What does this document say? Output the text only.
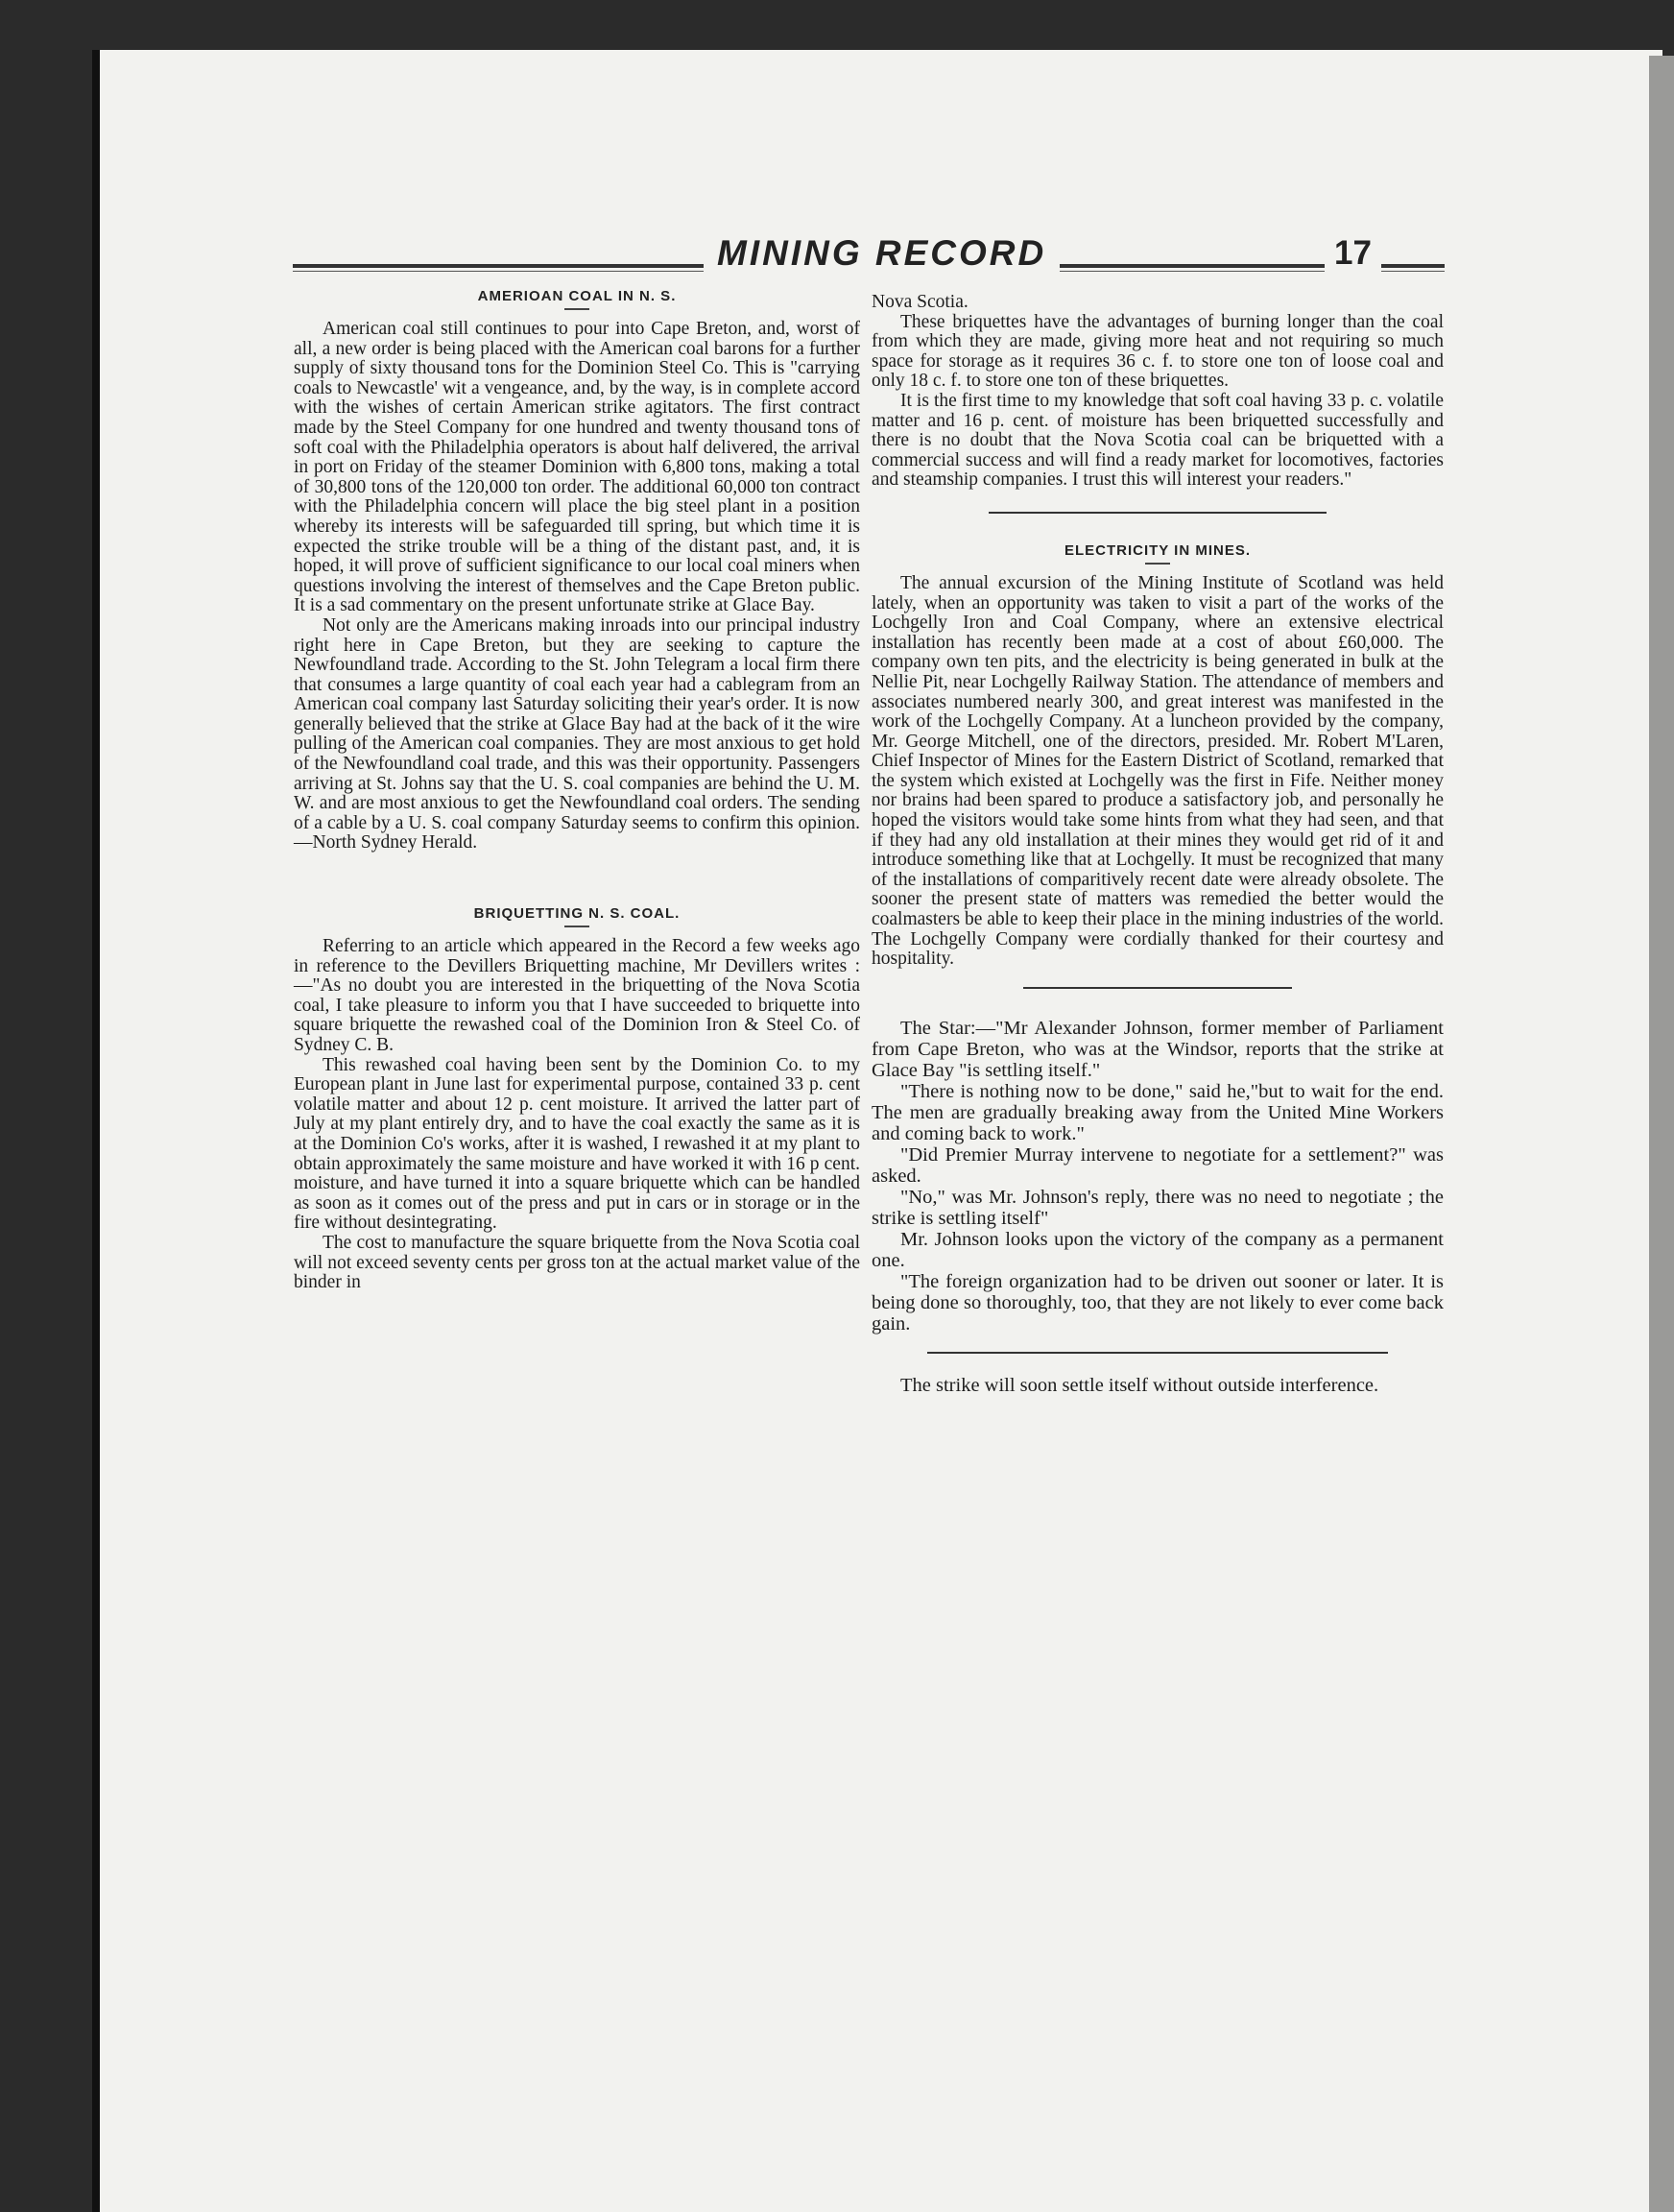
MINING RECORD	17
AMERIOAN COAL IN N. S.

American coal still continues to pour into Cape Breton, and, worst of all, a new order is being placed with the American coal barons for a further supply of sixty thousand tons for the Dominion Steel Co. This is "carrying coals to Newcastle' wit a vengeance, and, by the way, is in complete accord with the wishes of certain American strike agitators. The first contract made by the Steel Company for one hundred and twenty thousand tons of soft coal with the Philadelphia operators is about half delivered, the arrival in port on Friday of the steamer Dominion with 6,800 tons, making a total of 30,800 tons of the 120,000 ton order. The additional 60,000 ton contract with the Philadelphia concern will place the big steel plant in a position whereby its interests will be safeguarded till spring, but which time it is expected the strike trouble will be a thing of the distant past, and, it is hoped, it will prove of sufficient significance to our local coal miners when questions involving the interest of themselves and the Cape Breton public. It is a sad commentary on the present unfortunate strike at Glace Bay.

Not only are the Americans making inroads into our principal industry right here in Cape Breton, but they are seeking to capture the Newfoundland trade. According to the St. John Telegram a local firm there that consumes a large quantity of coal each year had a cablegram from an American coal company last Saturday soliciting their year's order. It is now generally believed that the strike at Glace Bay had at the back of it the wire pulling of the American coal companies. They are most anxious to get hold of the Newfoundland coal trade, and this was their opportunity. Passengers arriving at St. Johns say that the U. S. coal companies are behind the U. M. W. and are most anxious to get the Newfoundland coal orders. The sending of a cable by a U. S. coal company Saturday seems to confirm this opinion.—North Sydney Herald.

BRIQUETTING N. S. COAL.

Referring to an article which appeared in the Record a few weeks ago in reference to the Devillers Briquetting machine, Mr Devillers writes :—"As no doubt you are interested in the briquetting of the Nova Scotia coal, I take pleasure to inform you that I have succeeded to briquette into square briquette the rewashed coal of the Dominion Iron & Steel Co. of Sydney C. B.

This rewashed coal having been sent by the Dominion Co. to my European plant in June last for experimental purpose, contained 33 p. cent volatile matter and about 12 p. cent moisture. It arrived the latter part of July at my plant entirely dry, and to have the coal exactly the same as it is at the Dominion Co's works, after it is washed, I rewashed it at my plant to obtain approximately the same moisture and have worked it with 16 p cent. moisture, and have turned it into a square briquette which can be handled as soon as it comes out of the press and put in cars or in storage or in the fire without desintegrating.

The cost to manufacture the square briquette from the Nova Scotia coal will not exceed seventy cents per gross ton at the actual market value of the binder in

Nova Scotia.

These briquettes have the advantages of burning longer than the coal from which they are made, giving more heat and not requiring so much space for storage as it requires 36 c. f. to store one ton of loose coal and only 18 c. f. to store one ton of these briquettes.

It is the first time to my knowledge that soft coal having 33 p. c. volatile matter and 16 p. cent. of moisture has been briquetted successfully and there is no doubt that the Nova Scotia coal can be briquetted with a commercial success and will find a ready market for locomotives, factories and steamship companies. I trust this will interest your readers."

ELECTRICITY IN MINES.

The annual excursion of the Mining Institute of Scotland was held lately, when an opportunity was taken to visit a part of the works of the Lochgelly Iron and Coal Company, where an extensive electrical installation has recently been made at a cost of about £60,000. The company own ten pits, and the electricity is being generated in bulk at the Nellie Pit, near Lochgelly Railway Station. The attendance of members and associates numbered nearly 300, and great interest was manifested in the work of the Lochgelly Company. At a luncheon provided by the company, Mr. George Mitchell, one of the directors, presided. Mr. Robert M'Laren, Chief Inspector of Mines for the Eastern District of Scotland, remarked that the system which existed at Lochgelly was the first in Fife. Neither money nor brains had been spared to produce a satisfactory job, and personally he hoped the visitors would take some hints from what they had seen, and that if they had any old installation at their mines they would get rid of it and introduce something like that at Lochgelly. It must be recognized that many of the installations of comparitively recent date were already obsolete. The sooner the present state of matters was remedied the better would the coalmasters be able to keep their place in the mining industries of the world. The Lochgelly Company were cordially thanked for their courtesy and hospitality.

The Star:—"Mr Alexander Johnson, former member of Parliament from Cape Breton, who was at the Windsor, reports that the strike at Glace Bay "is settling itself."

"There is nothing now to be done," said he,"but to wait for the end. The men are gradually breaking away from the United Mine Workers and coming back to work."

"Did Premier Murray intervene to negotiate for a settlement?" was asked.

"No," was Mr. Johnson's reply, there was no need to negotiate ; the strike is settling itself"

Mr. Johnson looks upon the victory of the company as a permanent one.

"The foreign organization had to be driven out sooner or later. It is being done so thoroughly, too, that they are not likely to ever come back gain.

The strike will soon settle itself without outside interference.
